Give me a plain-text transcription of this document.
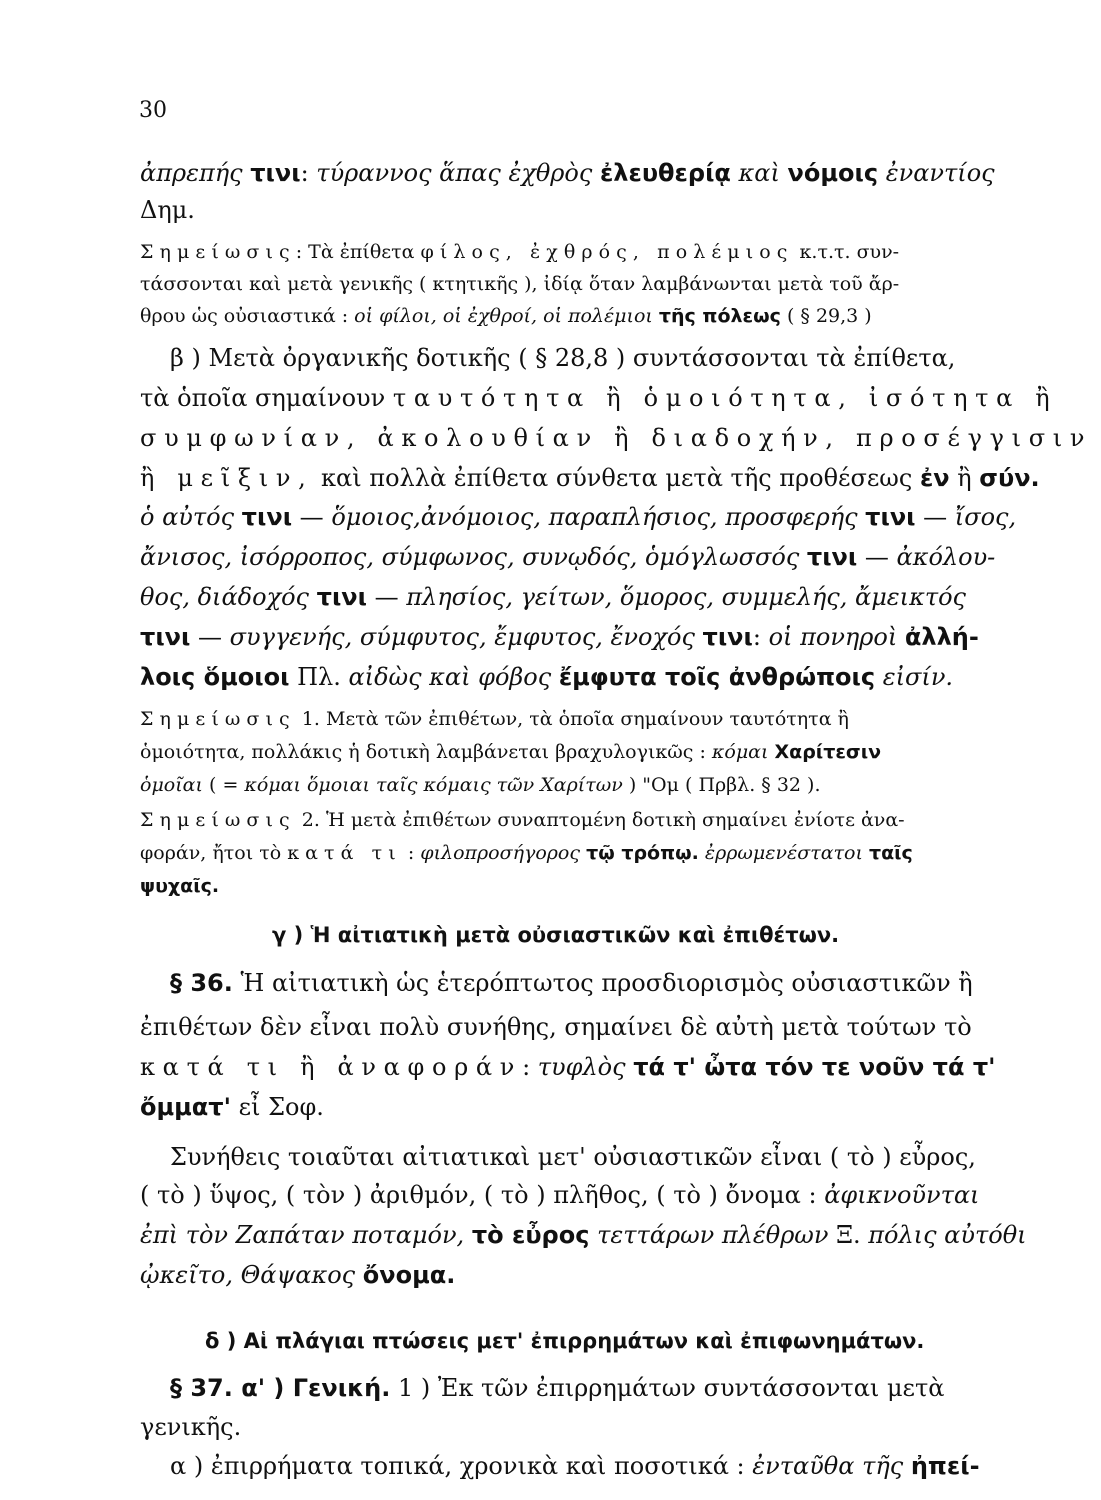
30
ἀπρεπής τινι: τύραννος ἅπας ἐχθρὸς ἐλευθερίᾳ καὶ νόμοις ἐναντίος
Δημ.
Σημείωσις: Τὰ ἐπίθετα φίλος, ἐχθρός, πολέμιος κ.τ.τ. συν-
τάσσονται καὶ μετὰ γενικῆς ( κτητικῆς ), ἰδίᾳ ὅταν λαμβάνωνται μετὰ τοῦ ἄρ-
θρου ὡς οὐσιαστικά : οἱ φίλοι, οἱ ἐχθροί, οἱ πολέμιοι τῆς πόλεως ( § 29,3 )
β ) Μετὰ ὀργανικῆς δοτικῆς ( § 28,8 ) συντάσσονται τὰ ἐπίθετα,
τὰ ὁποῖα σημαίνουν ταυτότητα ἢ ὁμοιότητα, ἰσότητα ἢ
συμφωνίαν, ἀκολουθίαν ἢ διαδοχήν, προσέγγισιν
ἢ μεῖξιν, καὶ πολλὰ ἐπίθετα σύνθετα μετὰ τῆς προθέσεως ἐν ἢ σύν.
ὁ αὐτός τινι — ὅμοιος,ἀνόμοιος, παραπλήσιος, προσφερής τινι — ἴσος,
ἄνισος, ἰσόρροπος, σύμφωνος, συνῳδός, ὁμόγλωσσός τινι — ἀκόλου-
θος, διάδοχός τινι — πλησίος, γείτων, ὅμορος, συμμελής, ἄμεικτός
τινι — συγγενής, σύμφυτος, ἔμφυτος, ἔνοχός τινι: οἱ πονηροὶ ἀλλή-
λοις ὅμοιοι Πλ. αἰδὼς καὶ φόβος ἔμφυτα τοῖς ἀνθρώποις εἰσίν.
Σημείωσις 1. Μετὰ τῶν ἐπιθέτων, τὰ ὁποῖα σημαίνουν ταυτότητα ἢ
ὁμοιότητα, πολλάκις ἡ δοτικὴ λαμβάνεται βραχυλογικῶς : κόμαι Χαρίτεσιν
ὁμοῖαι ( = κόμαι ὅμοιαι ταῖς κόμαις τῶν Χαρίτων ) "Ομ ( Πρβλ. § 32 ).
Σημείωσις 2. Ἡ μετὰ ἐπιθέτων συναπτομένη δοτικὴ σημαίνει ἐνίοτε ἀνα-
φοράν, ἤτοι τὸ κατά τι : φιλοπροσήγορος τῷ τρόπῳ. ἐρρωμενέστατοι ταῖς
ψυχαῖς.
γ ) Ἡ αἰτιατικὴ μετὰ οὐσιαστικῶν καὶ ἐπιθέτων.
§ 36. Ἡ αἰτιατικὴ ὡς ἑτερόπτωτος προσδιορισμὸς οὐσιαστικῶν ἢ
ἐπιθέτων δὲν εἶναι πολὺ συνήθης, σημαίνει δὲ αὐτὴ μετὰ τούτων τὸ
κατά τι ἢ ἀναφοράν: τυφλὸς τά τ' ὦτα τόν τε νοῦν τά τ'
ὄμματ' εἶ Σοφ.
Συνήθεις τοιαῦται αἰτιατικαὶ μετ' οὐσιαστικῶν εἶναι ( τὸ ) εὖρος,
( τὸ ) ὕψος, ( τὸν ) ἀριθμόν, ( τὸ ) πλῆθος, ( τὸ ) ὄνομα : ἀφικνοῦνται
ἐπὶ τὸν Ζαπάταν ποταμόν, τὸ εὖρος τεττάρων πλέθρων Ξ. πόλις αὐτόθι
ᾠκεῖτο, Θάψακος ὄνομα.
δ ) Αἱ πλάγιαι πτώσεις μετ' ἐπιρρημάτων καὶ ἐπιφωνημάτων.
§ 37. α' ) Γενική. 1 ) Ἐκ τῶν ἐπιρρημάτων συντάσσονται μετὰ
γενικῆς.
α ) ἐπιρρήματα τοπικά, χρονικὰ καὶ ποσοτικά : ἐνταῦθα τῆς ἠπεί-
